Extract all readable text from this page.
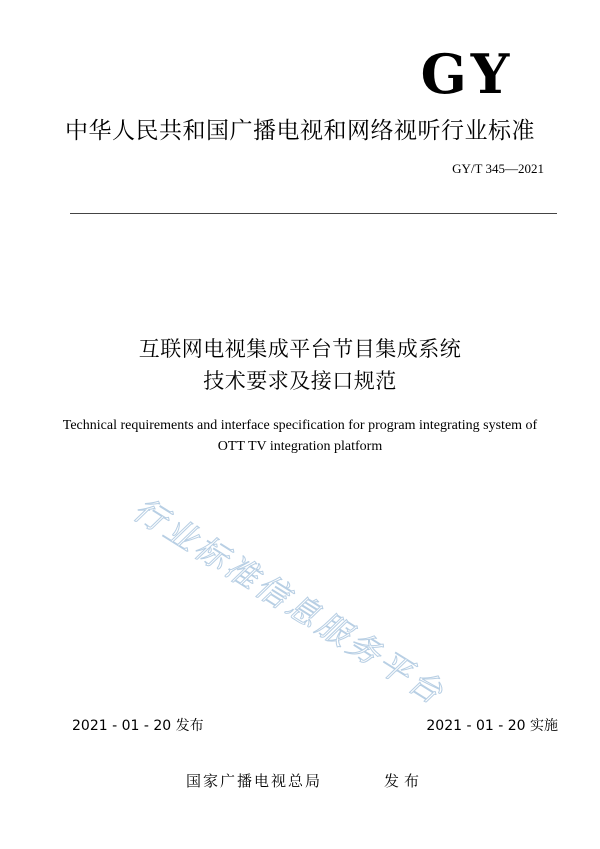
GY
中华人民共和国广播电视和网络视听行业标准
GY/T 345—2021
互联网电视集成平台节目集成系统
技术要求及接口规范
Technical requirements and interface specification for program integrating system of
OTT TV integration platform
行业标准信息服务平台
2021 - 01 - 20 发布	2021 - 01 - 20 实施
国家广播电视总局	发布
